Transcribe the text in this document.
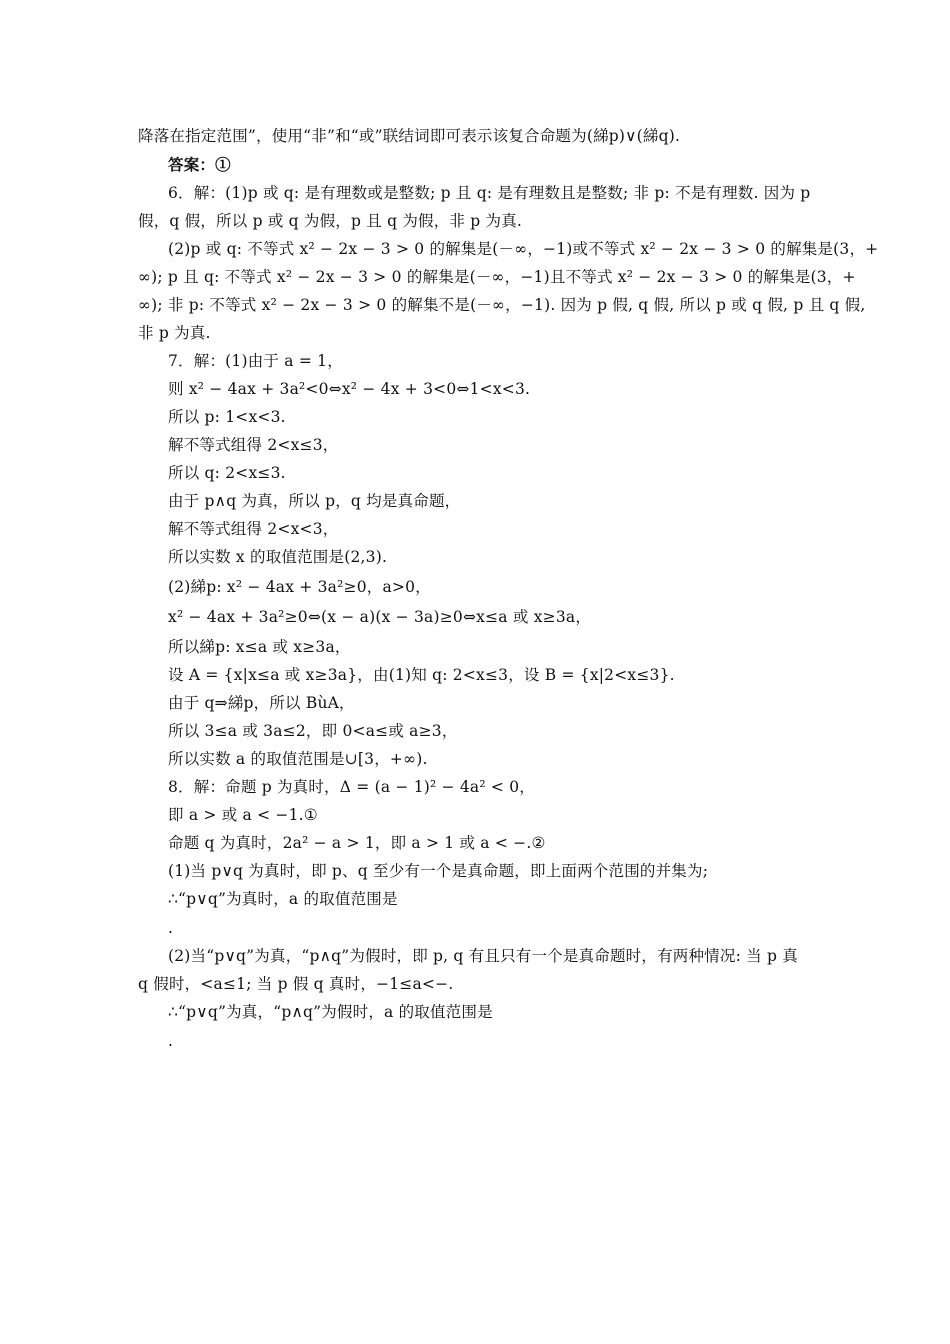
降落在指定范围”，使用“非”和“或”联结词即可表示该复合命题为(綈p)∨(綈q).
答案：①
6．解：(1)p 或 q: 是有理数或是整数; p 且 q: 是有理数且是整数; 非 p: 不是有理数. 因为 p
假，q 假，所以 p 或 q 为假，p 且 q 为假，非 p 为真.
(2)p 或 q: 不等式 x² − 2x − 3 > 0 的解集是(－∞，−1)或不等式 x² − 2x − 3 > 0 的解集是(3，+
∞); p 且 q: 不等式 x² − 2x − 3 > 0 的解集是(－∞，−1)且不等式 x² − 2x − 3 > 0 的解集是(3，+
∞); 非 p: 不等式 x² − 2x − 3 > 0 的解集不是(－∞，−1). 因为 p 假, q 假, 所以 p 或 q 假, p 且 q 假,
非 p 为真.
7．解：(1)由于 a = 1，
则 x² − 4ax + 3a²<0⇔x² − 4x + 3<0⇔1<x<3.
所以 p: 1<x<3.
解不等式组得 2<x≤3，
所以 q: 2<x≤3.
由于 p∧q 为真，所以 p，q 均是真命题，
解不等式组得 2<x<3，
所以实数 x 的取值范围是(2,3).
(2)綈p: x² − 4ax + 3a²≥0，a>0，
x² − 4ax + 3a²≥0⇔(x − a)(x − 3a)≥0⇔x≤a 或 x≥3a，
所以綈p: x≤a 或 x≥3a，
设 A = {x|x≤a 或 x≥3a}，由(1)知 q: 2<x≤3，设 B = {x|2<x≤3}.
由于 q⇒綈p，所以 BùA，
所以 3≤a 或 3a≤2，即 0<a≤或 a≥3，
所以实数 a 的取值范围是∪[3，+∞).
8．解：命题 p 为真时，Δ = (a − 1)² − 4a² < 0，
即 a > 或 a < −1.①
命题 q 为真时，2a² − a > 1，即 a > 1 或 a < −.②
(1)当 p∨q 为真时，即 p、q 至少有一个是真命题，即上面两个范围的并集为;
∴“p∨q”为真时，a 的取值范围是
.
(2)当“p∨q”为真，“p∧q”为假时，即 p, q 有且只有一个是真命题时，有两种情况: 当 p 真
q 假时，<a≤1; 当 p 假 q 真时，−1≤a<−.
∴“p∨q”为真，“p∧q”为假时，a 的取值范围是
.
